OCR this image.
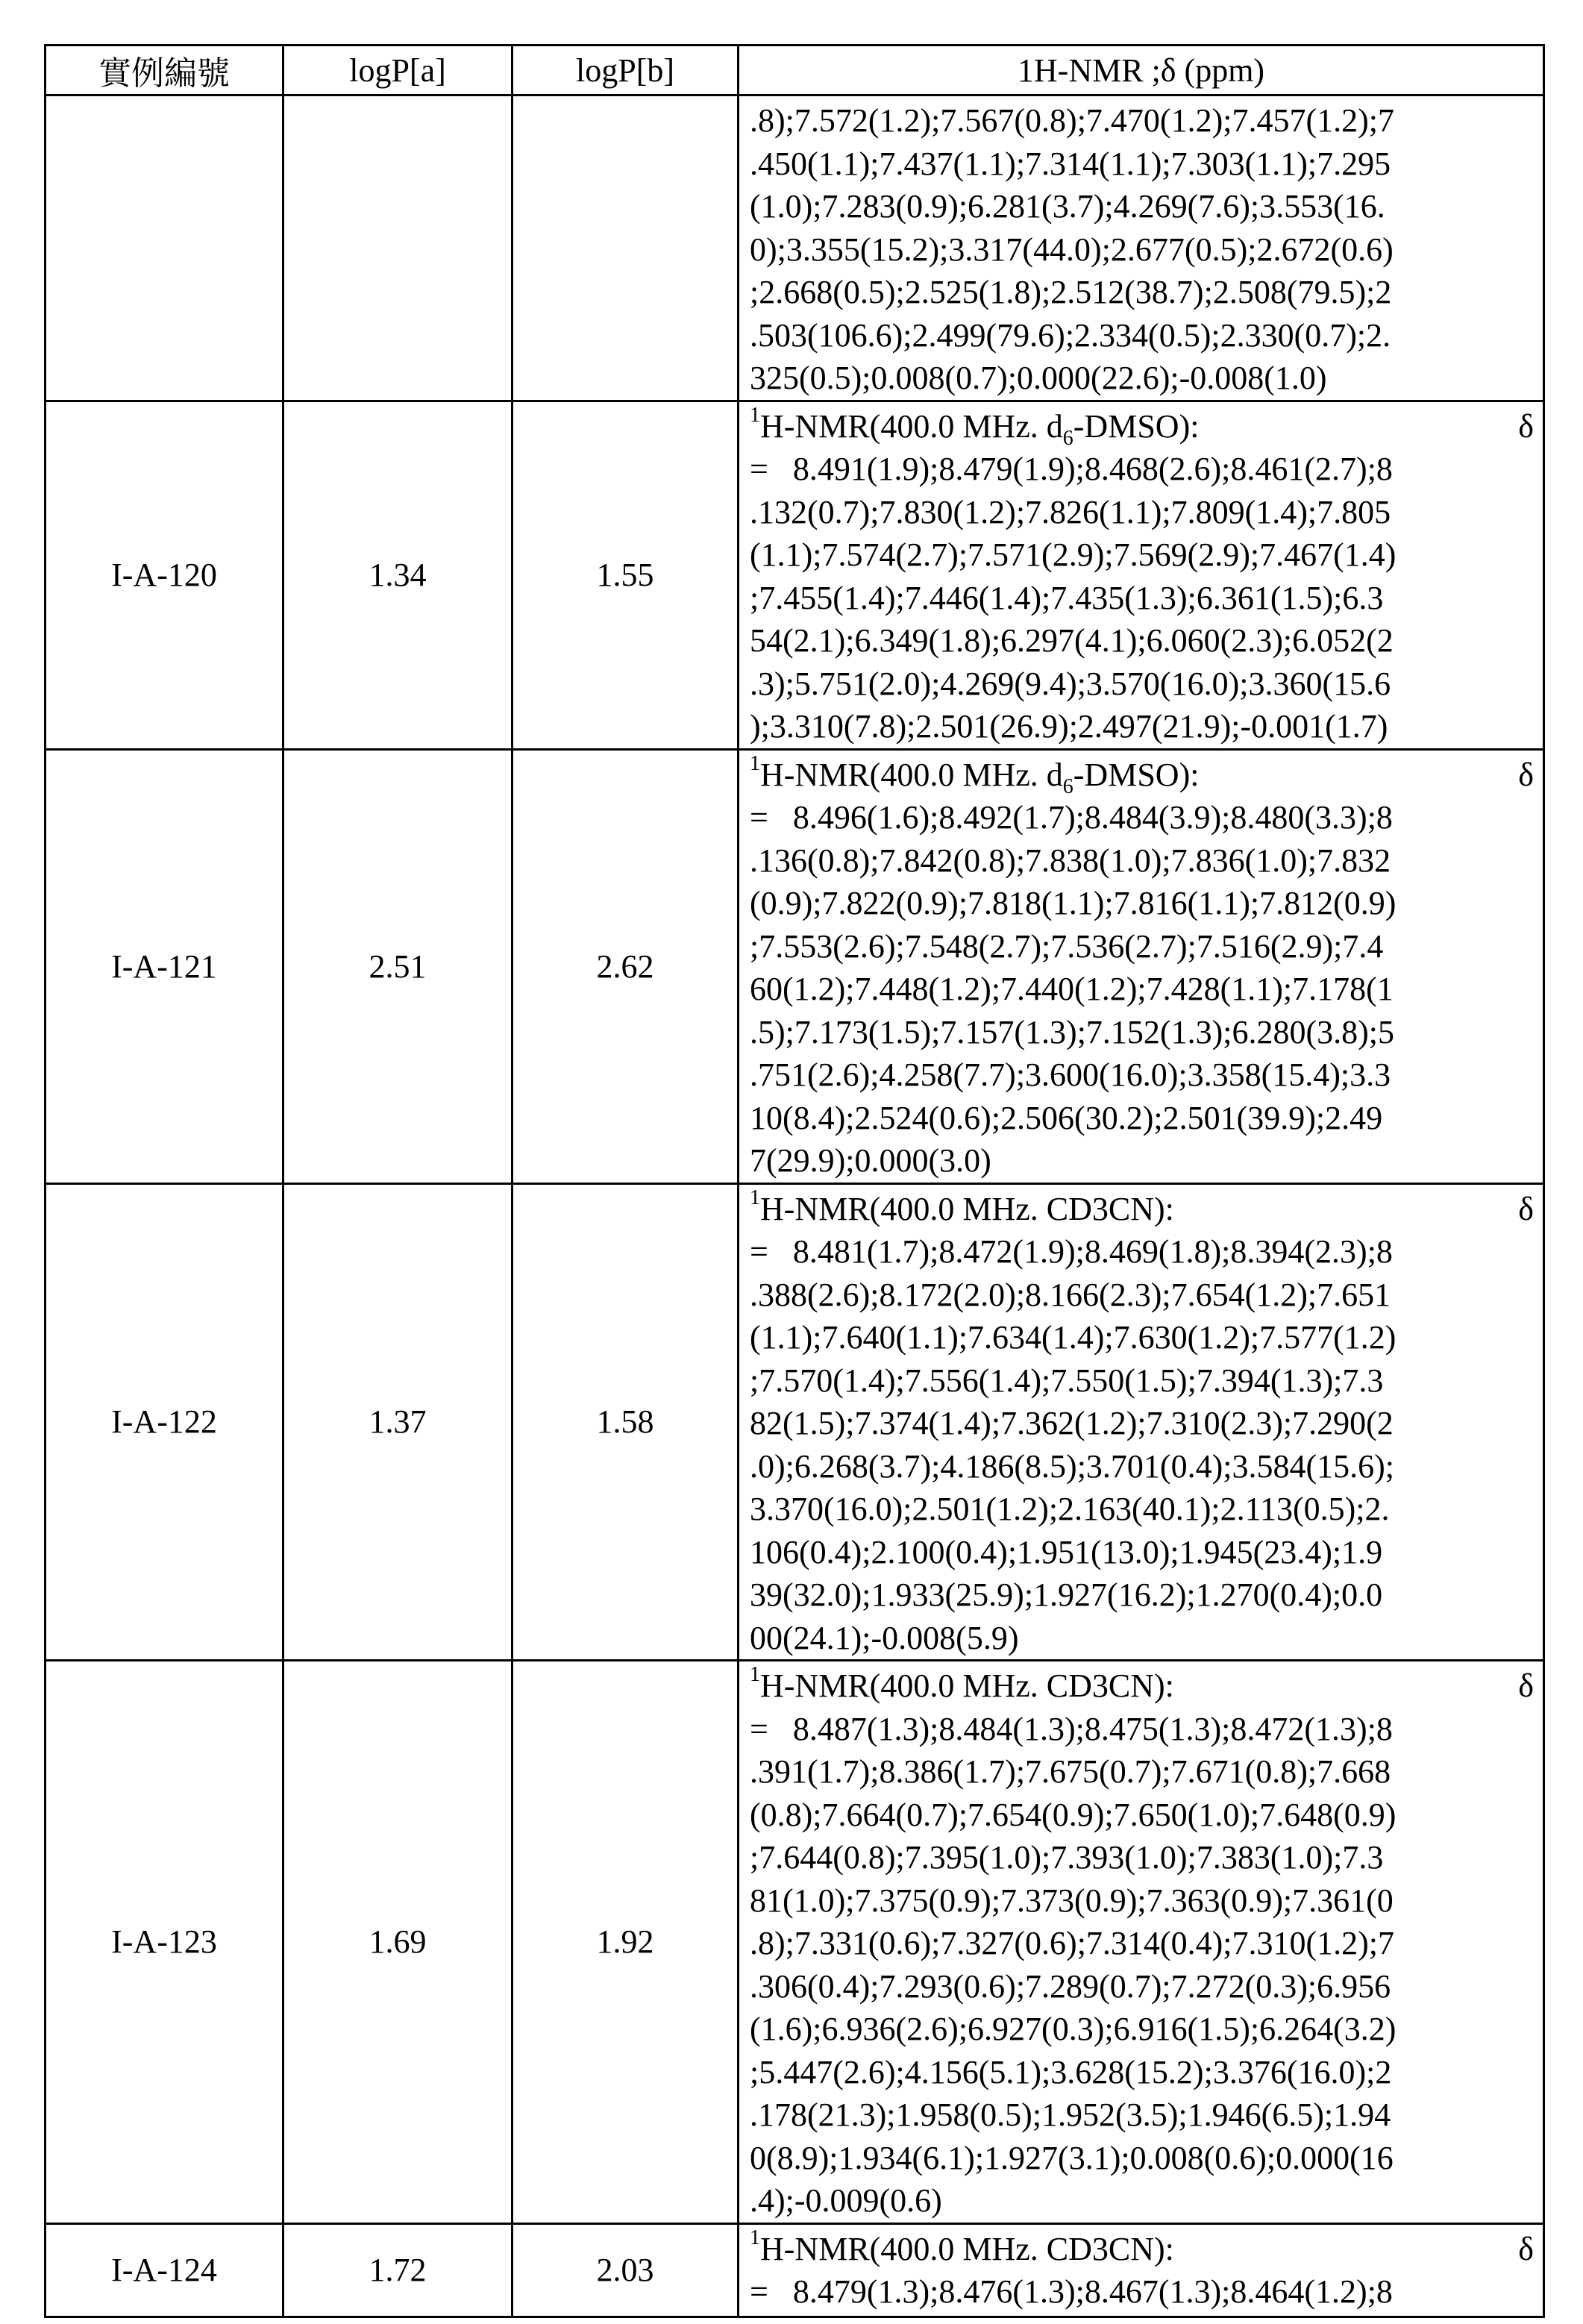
實例編號	logP[a]	logP[b]	1H-NMR ;δ (ppm)

.8);7.572(1.2);7.567(0.8);7.470(1.2);7.457(1.2);7
.450(1.1);7.437(1.1);7.314(1.1);7.303(1.1);7.295
(1.0);7.283(0.9);6.281(3.7);4.269(7.6);3.553(16.
0);3.355(15.2);3.317(44.0);2.677(0.5);2.672(0.6)
;2.668(0.5);2.525(1.8);2.512(38.7);2.508(79.5);2
.503(106.6);2.499(79.6);2.334(0.5);2.330(0.7);2.
325(0.5);0.008(0.7);0.000(22.6);-0.008(1.0)

I-A-120	1.34	1.55	
1H-NMR(400.0 MHz. d6-DMSO):	δ
=   8.491(1.9);8.479(1.9);8.468(2.6);8.461(2.7);8
.132(0.7);7.830(1.2);7.826(1.1);7.809(1.4);7.805
(1.1);7.574(2.7);7.571(2.9);7.569(2.9);7.467(1.4)
;7.455(1.4);7.446(1.4);7.435(1.3);6.361(1.5);6.3
54(2.1);6.349(1.8);6.297(4.1);6.060(2.3);6.052(2
.3);5.751(2.0);4.269(9.4);3.570(16.0);3.360(15.6
);3.310(7.8);2.501(26.9);2.497(21.9);-0.001(1.7)

I-A-121	2.51	2.62	
1H-NMR(400.0 MHz. d6-DMSO):	δ
=   8.496(1.6);8.492(1.7);8.484(3.9);8.480(3.3);8
.136(0.8);7.842(0.8);7.838(1.0);7.836(1.0);7.832
(0.9);7.822(0.9);7.818(1.1);7.816(1.1);7.812(0.9)
;7.553(2.6);7.548(2.7);7.536(2.7);7.516(2.9);7.4
60(1.2);7.448(1.2);7.440(1.2);7.428(1.1);7.178(1
.5);7.173(1.5);7.157(1.3);7.152(1.3);6.280(3.8);5
.751(2.6);4.258(7.7);3.600(16.0);3.358(15.4);3.3
10(8.4);2.524(0.6);2.506(30.2);2.501(39.9);2.49
7(29.9);0.000(3.0)

I-A-122	1.37	1.58	
1H-NMR(400.0 MHz. CD3CN):	δ
=   8.481(1.7);8.472(1.9);8.469(1.8);8.394(2.3);8
.388(2.6);8.172(2.0);8.166(2.3);7.654(1.2);7.651
(1.1);7.640(1.1);7.634(1.4);7.630(1.2);7.577(1.2)
;7.570(1.4);7.556(1.4);7.550(1.5);7.394(1.3);7.3
82(1.5);7.374(1.4);7.362(1.2);7.310(2.3);7.290(2
.0);6.268(3.7);4.186(8.5);3.701(0.4);3.584(15.6);
3.370(16.0);2.501(1.2);2.163(40.1);2.113(0.5);2.
106(0.4);2.100(0.4);1.951(13.0);1.945(23.4);1.9
39(32.0);1.933(25.9);1.927(16.2);1.270(0.4);0.0
00(24.1);-0.008(5.9)

I-A-123	1.69	1.92	
1H-NMR(400.0 MHz. CD3CN):	δ
=   8.487(1.3);8.484(1.3);8.475(1.3);8.472(1.3);8
.391(1.7);8.386(1.7);7.675(0.7);7.671(0.8);7.668
(0.8);7.664(0.7);7.654(0.9);7.650(1.0);7.648(0.9)
;7.644(0.8);7.395(1.0);7.393(1.0);7.383(1.0);7.3
81(1.0);7.375(0.9);7.373(0.9);7.363(0.9);7.361(0
.8);7.331(0.6);7.327(0.6);7.314(0.4);7.310(1.2);7
.306(0.4);7.293(0.6);7.289(0.7);7.272(0.3);6.956
(1.6);6.936(2.6);6.927(0.3);6.916(1.5);6.264(3.2)
;5.447(2.6);4.156(5.1);3.628(15.2);3.376(16.0);2
.178(21.3);1.958(0.5);1.952(3.5);1.946(6.5);1.94
0(8.9);1.934(6.1);1.927(3.1);0.008(0.6);0.000(16
.4);-0.009(0.6)

I-A-124	1.72	2.03	
1H-NMR(400.0 MHz. CD3CN):	δ
=   8.479(1.3);8.476(1.3);8.467(1.3);8.464(1.2);8
